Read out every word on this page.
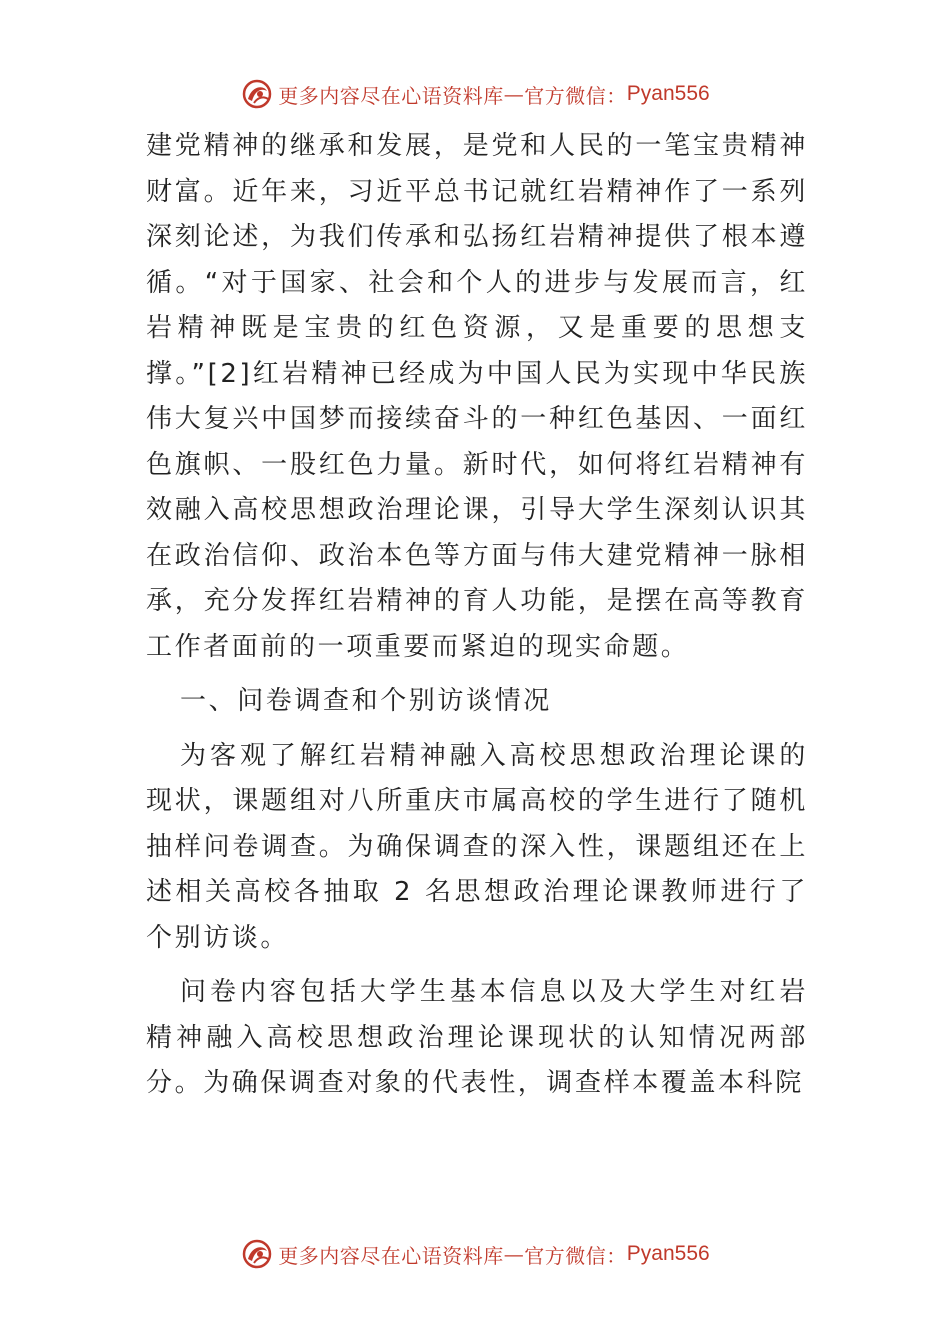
更多内容尽在心语资料库 — 官方微信： Pyan556

建党精神的继承和发展，是党和人民的一笔宝贵精神财富。近年来，习近平总书记就红岩精神作了一系列深刻论述，为我们传承和弘扬红岩精神提供了根本遵循。“对于国家、社会和个人的进步与发展而言，红岩精神既是宝贵的红色资源，又是重要的思想支撑。”[2]红岩精神已经成为中国人民为实现中华民族伟大复兴中国梦而接续奋斗的一种红色基因、一面红色旗帜、一股红色力量。新时代，如何将红岩精神有效融入高校思想政治理论课，引导大学生深刻认识其在政治信仰、政治本色等方面与伟大建党精神一脉相承，充分发挥红岩精神的育人功能，是摆在高等教育工作者面前的一项重要而紧迫的现实命题。

一、问卷调查和个别访谈情况

为客观了解红岩精神融入高校思想政治理论课的现状，课题组对八所重庆市属高校的学生进行了随机抽样问卷调查。为确保调查的深入性，课题组还在上述相关高校各抽取 2 名思想政治理论课教师进行了个别访谈。

问卷内容包括大学生基本信息以及大学生对红岩精神融入高校思想政治理论课现状的认知情况两部分。为确保调查对象的代表性，调查样本覆盖本科院

更多内容尽在心语资料库 — 官方微信： Pyan556
